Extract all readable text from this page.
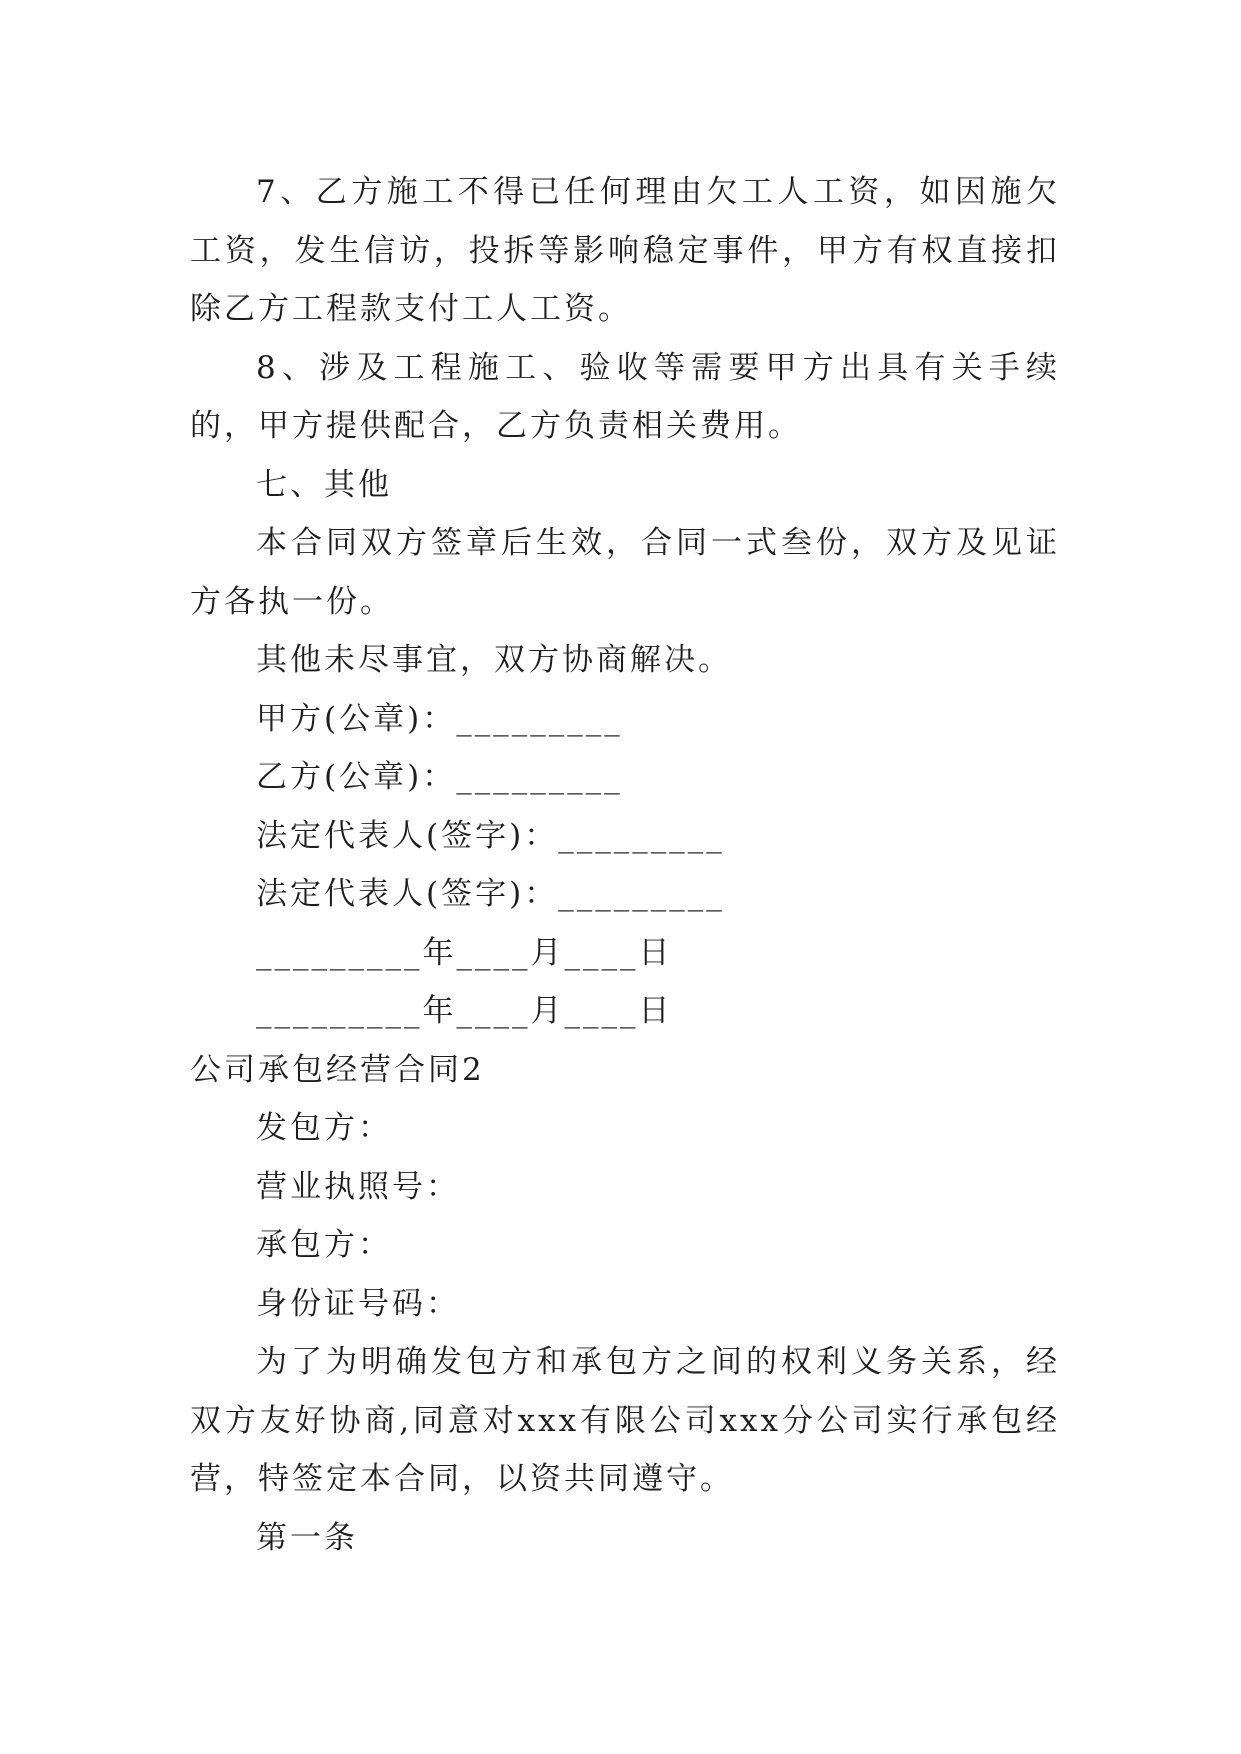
7、乙方施工不得已任何理由欠工人工资，如因施欠工资，发生信访，投拆等影响稳定事件，甲方有权直接扣除乙方工程款支付工人工资。

8、涉及工程施工、验收等需要甲方出具有关手续的，甲方提供配合，乙方负责相关费用。

七、其他

本合同双方签章后生效，合同一式叁份，双方及见证方各执一份。

其他未尽事宜，双方协商解决。

甲方(公章)：_________

乙方(公章)：_________

法定代表人(签字)：_________

法定代表人(签字)：_________

_________年____月____日

_________年____月____日

公司承包经营合同2

发包方：

营业执照号：

承包方：

身份证号码：

为了为明确发包方和承包方之间的权利义务关系，经双方友好协商,同意对xxx有限公司xxx分公司实行承包经营，特签定本合同，以资共同遵守。

第一条
